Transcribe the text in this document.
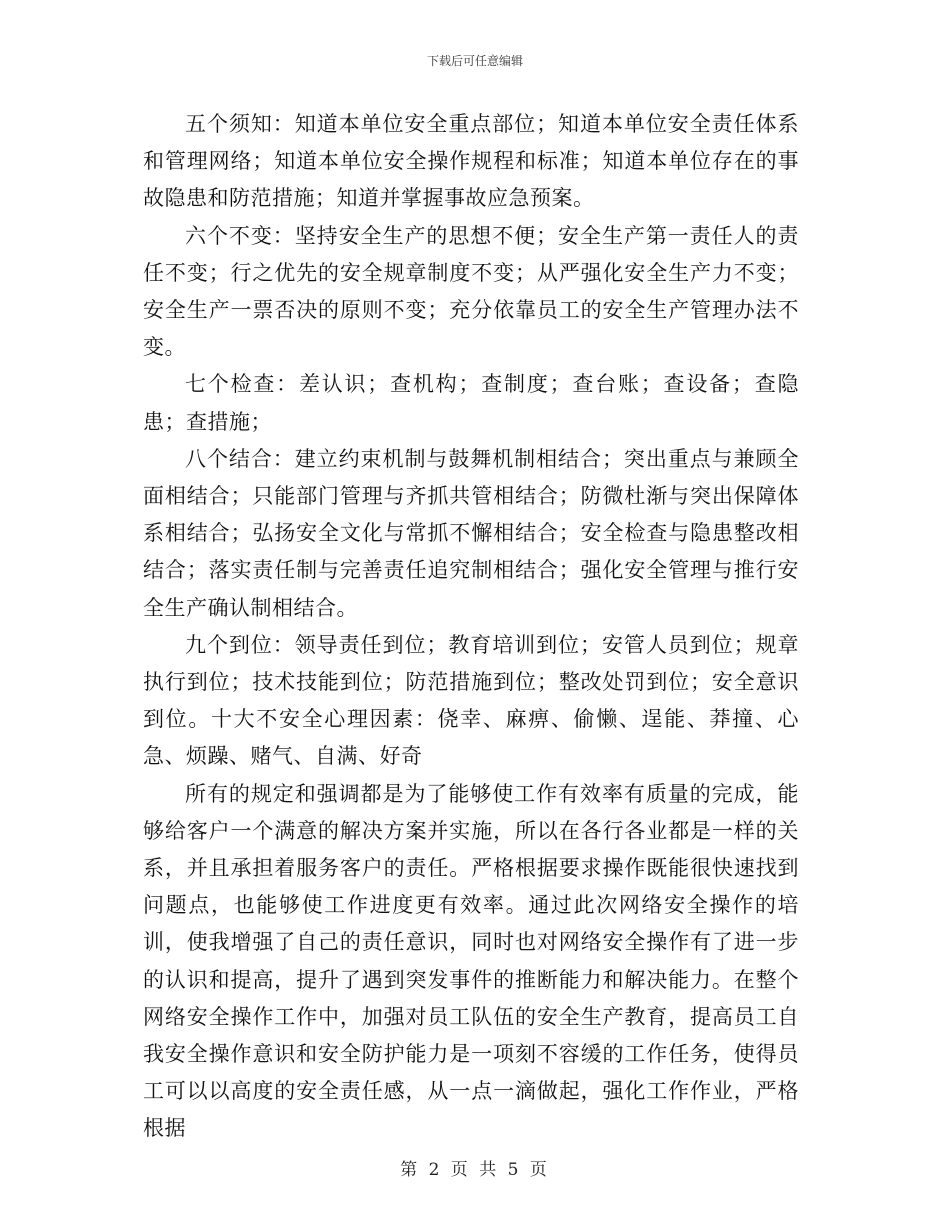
下载后可任意编辑

五个须知：知道本单位安全重点部位；知道本单位安全责任体系和管理网络；知道本单位安全操作规程和标准；知道本单位存在的事故隐患和防范措施；知道并掌握事故应急预案。

六个不变：坚持安全生产的思想不便；安全生产第一责任人的责任不变；行之优先的安全规章制度不变；从严强化安全生产力不变；安全生产一票否决的原则不变；充分依靠员工的安全生产管理办法不变。

七个检查：差认识；查机构；查制度；查台账；查设备；查隐患；查措施；

八个结合：建立约束机制与鼓舞机制相结合；突出重点与兼顾全面相结合；只能部门管理与齐抓共管相结合；防微杜渐与突出保障体系相结合；弘扬安全文化与常抓不懈相结合；安全检查与隐患整改相结合；落实责任制与完善责任追究制相结合；强化安全管理与推行安全生产确认制相结合。

九个到位：领导责任到位；教育培训到位；安管人员到位；规章执行到位；技术技能到位；防范措施到位；整改处罚到位；安全意识到位。十大不安全心理因素：侥幸、麻痹、偷懒、逞能、莽撞、心急、烦躁、赌气、自满、好奇

所有的规定和强调都是为了能够使工作有效率有质量的完成，能够给客户一个满意的解决方案并实施，所以在各行各业都是一样的关系，并且承担着服务客户的责任。严格根据要求操作既能很快速找到问题点，也能够使工作进度更有效率。通过此次网络安全操作的培训，使我增强了自己的责任意识，同时也对网络安全操作有了进一步的认识和提高，提升了遇到突发事件的推断能力和解决能力。在整个网络安全操作工作中，加强对员工队伍的安全生产教育，提高员工自我安全操作意识和安全防护能力是一项刻不容缓的工作任务，使得员工可以以高度的安全责任感，从一点一滴做起，强化工作作业，严格根据

第 2 页 共 5 页
